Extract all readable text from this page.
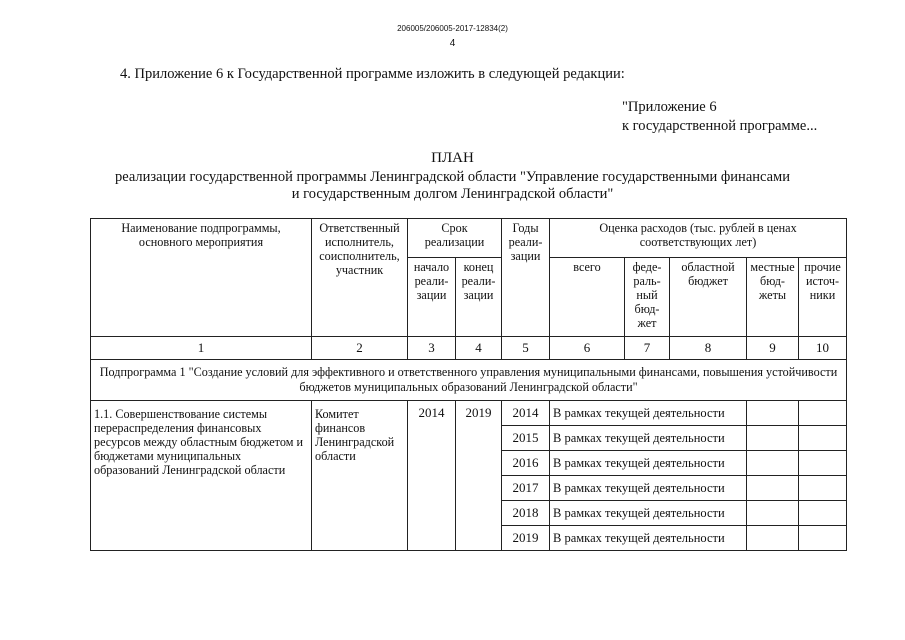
206005/206005-2017-12834(2)
4
4. Приложение 6 к Государственной программе изложить в следующей редакции:
"Приложение 6
к государственной программе...
ПЛАН
реализации государственной программы Ленинградской области "Управление государственными финансами
и государственным долгом Ленинградской области"
Наименование подпрограммы, основного мероприятия	Ответственный исполнитель, соисполнитель, участник	Срок реализации		Годы реали-зации	Оценка расходов (тыс. рублей в ценах соответствующих лет)				
		начало реали-зации	конец реали-зации		всего	феде-раль-ный бюд-жет	областной бюджет	местные бюд-жеты	прочие источ-ники
1	2	3	4	5	6	7	8	9	10
Подпрограмма 1 "Создание условий для эффективного и ответственного управления муниципальными финансами, повышения устойчивости бюджетов муниципальных образований Ленинградской области"									
1.1. Совершенствование системы перераспределения финансовых ресурсов между областным бюджетом и бюджетами муниципальных образований Ленинградской области	Комитет финансов Ленинградской области	2014	2019	2014	В рамках текущей деятельности				
				2015	В рамках текущей деятельности				
				2016	В рамках текущей деятельности				
				2017	В рамках текущей деятельности				
				2018	В рамках текущей деятельности				
				2019	В рамках текущей деятельности				
